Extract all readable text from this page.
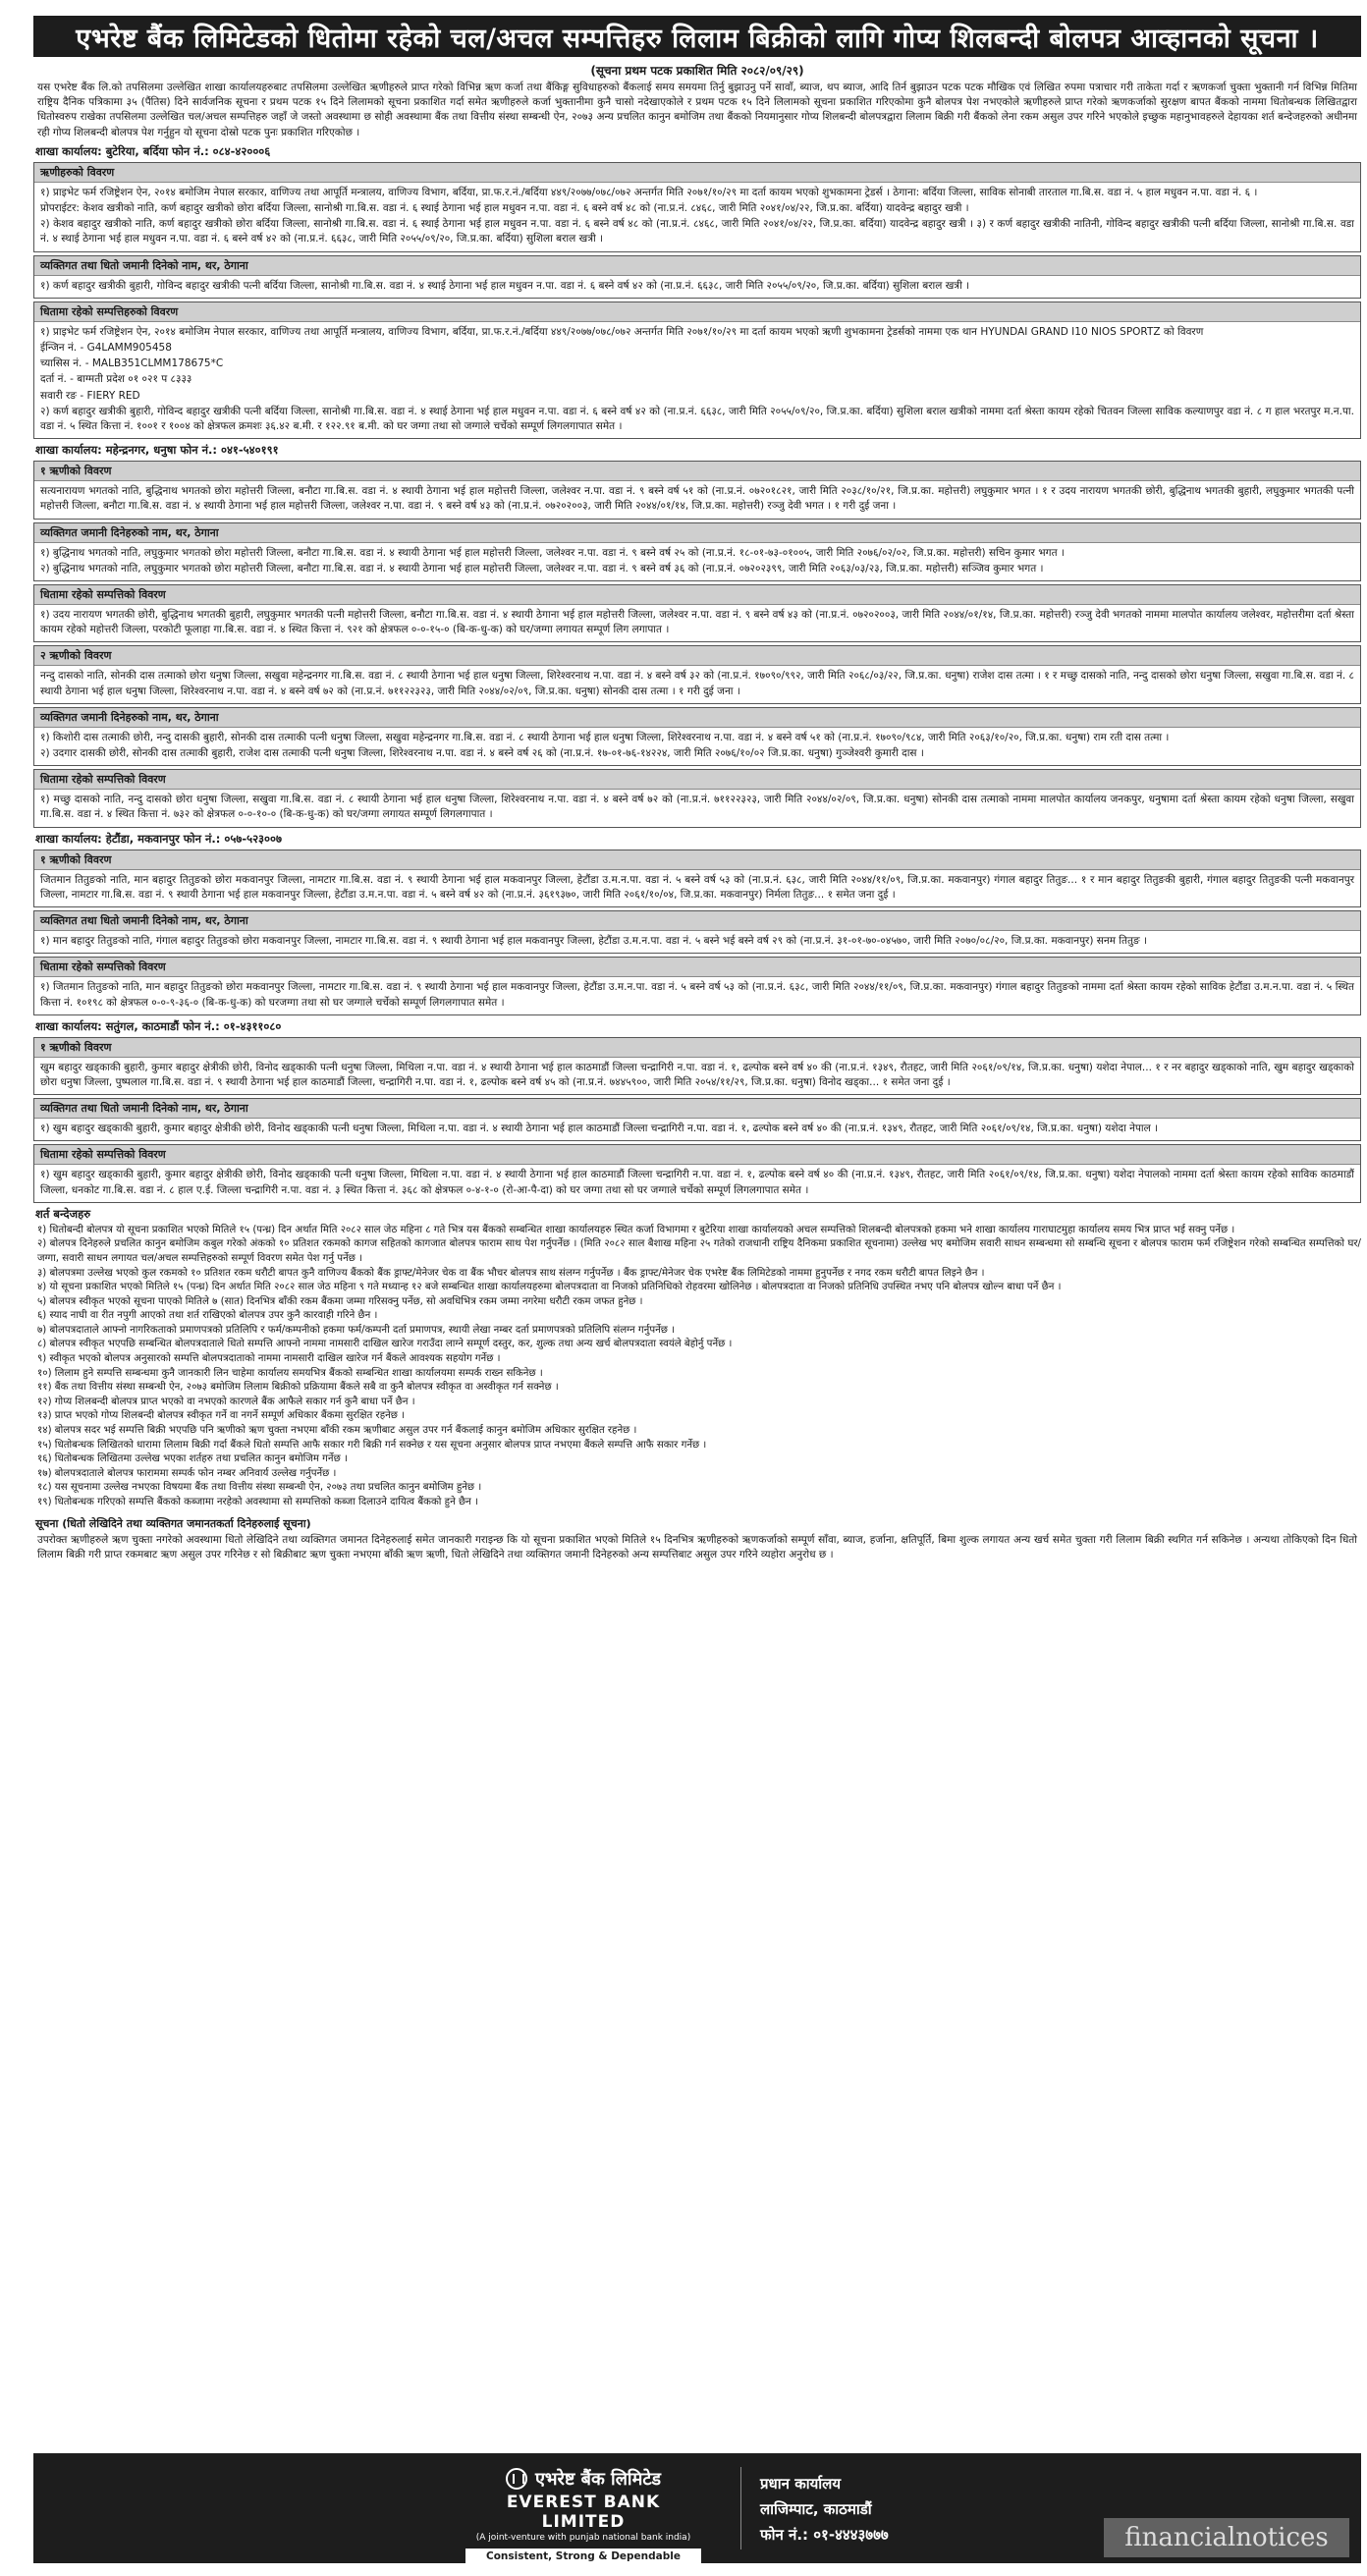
एभरेष्ट बैंक लिमिटेडको धितोमा रहेको चल/अचल सम्पत्तिहरु लिलाम बिक्रीको लागि गोप्य शिलबन्दी बोलपत्र आव्हानको सूचना ।
(सूचना प्रथम पटक प्रकाशित मिति २०८२/०९/२९)
यस एभरेष्ट बैंक लि.को तपसिलमा उल्लेखित शाखा कार्यालयहरुबाट तपसिलमा उल्लेखित ऋणीहरुले प्राप्त गरेको विभिन्न ऋण कर्जा तथा बैंकिङ्ग सुविधाहरुको बैंकलाई समय समयमा तिर्नु बुझाउनु पर्ने सावाँ, ब्याज, थप ब्याज, आदि तिर्न बुझाउन पटक पटक मौखिक एवं लिखित रुपमा पत्राचार गरी ताकेता गर्दा र ऋणकर्जा चुक्ता भुक्तानी गर्न विभिन्न मितिमा राष्ट्रिय दैनिक पत्रिकामा ३५ (पैंतिस) दिने सार्वजनिक सूचना र प्रथम पटक १५ दिने लिलामको सूचना प्रकाशित गर्दा समेत ऋणीहरुले कर्जा भुक्तानीमा कुनै चासो नदेखाएकोले र प्रथम पटक १५ दिने लिलामको सूचना प्रकाशित गरिएकोमा कुनै बोलपत्र पेश नभएकोले ऋणीहरुले प्राप्त गरेको ऋणकर्जाको सुरक्षण बापत बैंकको नाममा धितोबन्धक लिखितद्वारा धितोस्वरुप राखेका तपसिलमा उल्लेखित चल/अचल सम्पत्तिहरु जहाँ जे जस्तो अवस्थामा छ सोही अवस्थामा बैंक तथा वित्तीय संस्था सम्बन्धी ऐन, २०७३ अन्य प्रचलित कानुन बमोजिम तथा बैंकको नियमानुसार गोप्य शिलबन्दी बोलपत्रद्वारा लिलाम बिक्री गरी बैंकको लेना रकम असुल उपर गरिने भएकोले इच्छुक महानुभावहरुले देहायका शर्त बन्देजहरुको अधीनमा रही गोप्य शिलबन्दी बोलपत्र पेश गर्नुहुन यो सूचना दोस्रो पटक पुनः प्रकाशित गरिएकोछ ।
शाखा कार्यालय: बुटेरिया, बर्दिया फोन नं.: ०८४-४२०००६
ऋणीहरुको विवरण

१) प्राइभेट फर्म रजिष्ट्रेशन ऐन, २०१४ बमोजिम नेपाल सरकार, वाणिज्य तथा आपूर्ति मन्त्रालय, वाणिज्य विभाग, बर्दिया, प्रा.फ.र.नं./बर्दिया ४४९/२०७७/०७८/०७२ अन्तर्गत मिति २०७१/१०/२९ मा दर्ता कायम भएको शुभकामना ट्रेडर्स । ठेगाना: बर्दिया जिल्ला, साविक सोनाबी तारताल गा.बि.स. वडा नं. ५ हाल मधुवन न.पा. वडा नं. ६ ।

प्रोपराईटर: केशव खत्रीको नाति, कर्ण बहादुर खत्रीको छोरा बर्दिया जिल्ला, सानोश्री गा.बि.स. वडा नं. ६ स्थाई ठेगाना भई हाल मधुवन न.पा. वडा नं. ६ बस्ने वर्ष ४८ को (ना.प्र.नं. ८४६८, जारी मिति २०४१/०४/२२, जि.प्र.का. बर्दिया) यादवेन्द्र बहादुर खत्री ।

२) केशव बहादुर खत्रीको नाति, कर्ण बहादुर खत्रीको छोरा बर्दिया जिल्ला, सानोश्री गा.बि.स. वडा नं. ६ स्थाई ठेगाना भई हाल मधुवन न.पा. वडा नं. ६ बस्ने वर्ष ४८ को (ना.प्र.नं. ८४६८, जारी मिति २०४१/०४/२२, जि.प्र.का. बर्दिया) यादवेन्द्र बहादुर खत्री । ३) र कर्ण बहादुर खत्रीकी नातिनी, गोविन्द बहादुर खत्रीकी पत्नी बर्दिया जिल्ला, सानोश्री गा.बि.स. वडा नं. ४ स्थाई ठेगाना भई हाल मधुवन न.पा. वडा नं. ६ बस्ने वर्ष ४२ को (ना.प्र.नं. ६६३८, जारी मिति २०५५/०९/२०, जि.प्र.का. बर्दिया) सुशिला बराल खत्री ।

व्यक्तिगत तथा धितो जमानी दिनेको नाम, थर, ठेगाना

१) कर्ण बहादुर खत्रीकी बुहारी, गोविन्द बहादुर खत्रीकी पत्नी बर्दिया जिल्ला, सानोश्री गा.बि.स. वडा नं. ४ स्थाई ठेगाना भई हाल मधुवन न.पा. वडा नं. ६ बस्ने वर्ष ४२ को (ना.प्र.नं. ६६३८, जारी मिति २०५५/०९/२०, जि.प्र.का. बर्दिया) सुशिला बराल खत्री ।

धितामा रहेको सम्पत्तिहरुको विवरण

१) प्राइभेट फर्म रजिष्ट्रेशन ऐन, २०१४ बमोजिम नेपाल सरकार, वाणिज्य तथा आपूर्ति मन्त्रालय, वाणिज्य विभाग, बर्दिया, प्रा.फ.र.नं./बर्दिया ४४९/२०७७/०७८/०७२ अन्तर्गत मिति २०७१/१०/२९ मा दर्ता कायम भएको ऋणी शुभकामना ट्रेडर्सको नाममा एक थान HYUNDAI GRAND I10 NIOS SPORTZ को विवरण

ईन्जिन नं. - G4LAMM905458

च्यासिस नं. - MALB351CLMM178675*C

दर्ता नं. - बाग्मती प्रदेश ०१ ०२१ प ८३३३

सवारी रङ - FIERY RED

२) कर्ण बहादुर खत्रीकी बुहारी, गोविन्द बहादुर खत्रीकी पत्नी बर्दिया जिल्ला, सानोश्री गा.बि.स. वडा नं. ४ स्थाई ठेगाना भई हाल मधुवन न.पा. वडा नं. ६ बस्ने वर्ष ४२ को (ना.प्र.नं. ६६३८, जारी मिति २०५५/०९/२०, जि.प्र.का. बर्दिया) सुशिला बराल खत्रीको नाममा दर्ता श्रेस्ता कायम रहेको चितवन जिल्ला साविक कल्याणपुर वडा नं. ८ ग हाल भरतपुर म.न.पा. वडा नं. ५ स्थित कित्ता नं. १००१ र १००४ को क्षेत्रफल क्रमशः ३६.४२ ब.मी. र १२२.९१ ब.मी. को घर जग्गा तथा सो जग्गाले चर्चेको सम्पूर्ण लिगलगापात समेत ।

शाखा कार्यालय: महेन्द्रनगर, धनुषा फोन नं.: ०४१-५४०१९१
१ ऋणीको विवरण

सत्यनारायण भगतको नाति, बुद्धिनाथ भगतको छोरा महोत्तरी जिल्ला, बनौटा गा.बि.स. वडा नं. ४ स्थायी ठेगाना भई हाल महोत्तरी जिल्ला, जलेश्वर न.पा. वडा नं. ९ बस्ने वर्ष ५१ को (ना.प्र.नं. ०७२०१८२१, जारी मिति २०३८/१०/२१, जि.प्र.का. महोत्तरी) लघुकुमार भगत । १ र उदय नारायण भगतकी छोरी, बुद्धिनाथ भगतकी बुहारी, लघुकुमार भगतकी पत्नी महोत्तरी जिल्ला, बनौटा गा.बि.स. वडा नं. ४ स्थायी ठेगाना भई हाल महोत्तरी जिल्ला, जलेश्वर न.पा. वडा नं. ९ बस्ने वर्ष ४३ को (ना.प्र.नं. ०७२०२००३, जारी मिति २०४४/०१/१४, जि.प्र.का. महोत्तरी) रञ्जु देवी भगत । १ गरी दुई जना ।

व्यक्तिगत जमानी दिनेहरुको नाम, थर, ठेगाना

१) बुद्धिनाथ भगतको नाति, लघुकुमार भगतको छोरा महोत्तरी जिल्ला, बनौटा गा.बि.स. वडा नं. ४ स्थायी ठेगाना भई हाल महोत्तरी जिल्ला, जलेश्वर न.पा. वडा नं. ९ बस्ने वर्ष २५ को (ना.प्र.नं. १८-०१-७३-०१००५, जारी मिति २०७६/०२/०२, जि.प्र.का. महोत्तरी) सचिन कुमार भगत ।

२) बुद्धिनाथ भगतको नाति, लघुकुमार भगतको छोरा महोत्तरी जिल्ला, बनौटा गा.बि.स. वडा नं. ४ स्थायी ठेगाना भई हाल महोत्तरी जिल्ला, जलेश्वर न.पा. वडा नं. ९ बस्ने वर्ष ३६ को (ना.प्र.नं. ०७२०२३९९, जारी मिति २०६३/०३/२३, जि.प्र.का. महोत्तरी) सञ्जिव कुमार भगत ।

धितामा रहेको सम्पत्तिको विवरण

१) उदय नारायण भगतकी छोरी, बुद्धिनाथ भगतकी बुहारी, लघुकुमार भगतकी पत्नी महोत्तरी जिल्ला, बनौटा गा.बि.स. वडा नं. ४ स्थायी ठेगाना भई हाल महोत्तरी जिल्ला, जलेश्वर न.पा. वडा नं. ९ बस्ने वर्ष ४३ को (ना.प्र.नं. ०७२०२००३, जारी मिति २०४४/०१/१४, जि.प्र.का. महोत्तरी) रञ्जु देवी भगतको नाममा मालपोत कार्यालय जलेश्वर, महोत्तरीमा दर्ता श्रेस्ता कायम रहेको महोत्तरी जिल्ला, परकोटी फूलाहा गा.बि.स. वडा नं. ४ स्थित कित्ता नं. ९२१ को क्षेत्रफल ०-०-१५-० (बि-क-धु-क) को घर/जग्गा लगायत सम्पूर्ण लिग लगापात ।

२ ऋणीको विवरण

नन्दु दासको नाति, सोनकी दास तत्माको छोरा धनुषा जिल्ला, सखुवा महेन्द्रनगर गा.बि.स. वडा नं. ८ स्थायी ठेगाना भई हाल धनुषा जिल्ला, शिरेश्वरनाथ न.पा. वडा नं. ४ बस्ने वर्ष ३२ को (ना.प्र.नं. १७०९०/९९२, जारी मिति २०६८/०३/२२, जि.प्र.का. धनुषा) राजेश दास तत्मा । १ र मच्छु दासको नाति, नन्दु दासको छोरा धनुषा जिल्ला, सखुवा गा.बि.स. वडा नं. ८ स्थायी ठेगाना भई हाल धनुषा जिल्ला, शिरेश्वरनाथ न.पा. वडा नं. ४ बस्ने वर्ष ७२ को (ना.प्र.नं. ७११२२३२३, जारी मिति २०४४/०२/०९, जि.प्र.का. धनुषा) सोनकी दास तत्मा । १ गरी दुई जना ।

व्यक्तिगत जमानी दिनेहरुको नाम, थर, ठेगाना

१) किशोरी दास तत्माकी छोरी, नन्दु दासकी बुहारी, सोनकी दास तत्माकी पत्नी धनुषा जिल्ला, सखुवा महेन्द्रनगर गा.बि.स. वडा नं. ८ स्थायी ठेगाना भई हाल धनुषा जिल्ला, शिरेश्वरनाथ न.पा. वडा नं. ४ बस्ने वर्ष ५१ को (ना.प्र.नं. १७०९०/९८४, जारी मिति २०६३/१०/२०, जि.प्र.का. धनुषा) राम रती दास तत्मा ।

२) उदगार दासकी छोरी, सोनकी दास तत्माकी बुहारी, राजेश दास तत्माकी पत्नी धनुषा जिल्ला, शिरेश्वरनाथ न.पा. वडा नं. ४ बस्ने वर्ष २६ को (ना.प्र.नं. १७-०१-७६-१४२२४, जारी मिति २०७६/१०/०२ जि.प्र.का. धनुषा) गुञ्जेश्वरी कुमारी दास ।

धितामा रहेको सम्पत्तिको विवरण

१) मच्छु दासको नाति, नन्दु दासको छोरा धनुषा जिल्ला, सखुवा गा.बि.स. वडा नं. ८ स्थायी ठेगाना भई हाल धनुषा जिल्ला, शिरेश्वरनाथ न.पा. वडा नं. ४ बस्ने वर्ष ७२ को (ना.प्र.नं. ७११२२३२३, जारी मिति २०४४/०२/०९, जि.प्र.का. धनुषा) सोनकी दास तत्माको नाममा मालपोत कार्यालय जनकपुर, धनुषामा दर्ता श्रेस्ता कायम रहेको धनुषा जिल्ला, सखुवा गा.बि.स. वडा नं. ४ स्थित कित्ता नं. ७३२ को क्षेत्रफल ०-०-१०-० (बि-क-धु-क) को घर/जग्गा लगायत सम्पूर्ण लिगलगापात ।

शाखा कार्यालय: हेटौंडा, मकवानपुर फोन नं.: ०५७-५२३००७
१ ऋणीको विवरण

जितमान तितुङको नाति, मान बहादुर तितुङको छोरा मकवानपुर जिल्ला, नामटार गा.बि.स. वडा नं. ९ स्थायी ठेगाना भई हाल मकवानपुर जिल्ला, हेटौंडा उ.म.न.पा. वडा नं. ५ बस्ने वर्ष ५३ को (ना.प्र.नं. ६३८, जारी मिति २०४४/११/०९, जि.प्र.का. मकवानपुर) गंगाल बहादुर तितुङ... १ र मान बहादुर तितुङकी बुहारी, गंगाल बहादुर तितुङकी पत्नी मकवानपुर जिल्ला, नामटार गा.बि.स. वडा नं. ९ स्थायी ठेगाना भई हाल मकवानपुर जिल्ला, हेटौंडा उ.म.न.पा. वडा नं. ५ बस्ने वर्ष ४२ को (ना.प्र.नं. ३६१९३७०, जारी मिति २०६१/१०/०४, जि.प्र.का. मकवानपुर) निर्मला तितुङ... १ समेत जना दुई ।

व्यक्तिगत तथा धितो जमानी दिनेको नाम, थर, ठेगाना

१) मान बहादुर तितुङको नाति, गंगाल बहादुर तितुङको छोरा मकवानपुर जिल्ला, नामटार गा.बि.स. वडा नं. ९ स्थायी ठेगाना भई हाल मकवानपुर जिल्ला, हेटौंडा उ.म.न.पा. वडा नं. ५ बस्ने भई बस्ने वर्ष २९ को (ना.प्र.नं. ३१-०१-७०-०४५७०, जारी मिति २०७०/०८/२०, जि.प्र.का. मकवानपुर) सनम तितुङ ।

धितामा रहेको सम्पत्तिको विवरण

१) जितमान तितुङको नाति, मान बहादुर तितुङको छोरा मकवानपुर जिल्ला, नामटार गा.बि.स. वडा नं. ९ स्थायी ठेगाना भई हाल मकवानपुर जिल्ला, हेटौंडा उ.म.न.पा. वडा नं. ५ बस्ने वर्ष ५३ को (ना.प्र.नं. ६३८, जारी मिति २०४४/११/०९, जि.प्र.का. मकवानपुर) गंगाल बहादुर तितुङको नाममा दर्ता श्रेस्ता कायम रहेको साविक हेटौंडा उ.म.न.पा. वडा नं. ५ स्थित कित्ता नं. १०१९८ को क्षेत्रफल ०-०-९-३६-० (बि-क-धु-क) को घरजग्गा तथा सो घर जग्गाले चर्चेको सम्पूर्ण लिगलगापात समेत ।

शाखा कार्यालय: सतुंगल, काठमाडौं फोन नं.: ०१-४३११०८०
१ ऋणीको विवरण

खुम बहादुर खड्काकी बुहारी, कुमार बहादुर क्षेत्रीकी छोरी, विनोद खड्काकी पत्नी धनुषा जिल्ला, मिथिला न.पा. वडा नं. ४ स्थायी ठेगाना भई हाल काठमाडौं जिल्ला चन्द्रागिरी न.पा. वडा नं. १, ढल्पोक बस्ने वर्ष ४० की (ना.प्र.नं. १३४९, रौतहट, जारी मिति २०६१/०९/१४, जि.प्र.का. धनुषा) यशेदा नेपाल... १ र नर बहादुर खड्काको नाति, खुम बहादुर खड्काको छोरा धनुषा जिल्ला, पुष्पलाल गा.बि.स. वडा नं. ९ स्थायी ठेगाना भई हाल काठमाडौं जिल्ला, चन्द्रागिरी न.पा. वडा नं. १, ढल्पोक बस्ने वर्ष ४५ को (ना.प्र.नं. ७४४५९००, जारी मिति २०५४/११/२९, जि.प्र.का. धनुषा) विनोद खड्का... १ समेत जना दुई ।

व्यक्तिगत तथा धितो जमानी दिनेको नाम, थर, ठेगाना

१) खुम बहादुर खड्काकी बुहारी, कुमार बहादुर क्षेत्रीकी छोरी, विनोद खड्काकी पत्नी धनुषा जिल्ला, मिथिला न.पा. वडा नं. ४ स्थायी ठेगाना भई हाल काठमाडौं जिल्ला चन्द्रागिरी न.पा. वडा नं. १, ढल्पोक बस्ने वर्ष ४० की (ना.प्र.नं. १३४९, रौतहट, जारी मिति २०६१/०९/१४, जि.प्र.का. धनुषा) यशेदा नेपाल ।

धितामा रहेको सम्पत्तिको विवरण

१) खुम बहादुर खड्काकी बुहारी, कुमार बहादुर क्षेत्रीकी छोरी, विनोद खड्काकी पत्नी धनुषा जिल्ला, मिथिला न.पा. वडा नं. ४ स्थायी ठेगाना भई हाल काठमाडौं जिल्ला चन्द्रागिरी न.पा. वडा नं. १, ढल्पोक बस्ने वर्ष ४० की (ना.प्र.नं. १३४९, रौतहट, जारी मिति २०६१/०९/१४, जि.प्र.का. धनुषा) यशेदा नेपालको नाममा दर्ता श्रेस्ता कायम रहेको साविक काठमाडौं जिल्ला, धनकोट गा.बि.स. वडा नं. ८ हाल ए.ई. जिल्ला चन्द्रागिरी न.पा. वडा नं. ३ स्थित कित्ता नं. ३६८ को क्षेत्रफल ०-४-१-० (रो-आ-पै-दा) को घर जग्गा तथा सो घर जग्गाले चर्चेको सम्पूर्ण लिगलगापात समेत ।

शर्त बन्देजहरु
१) धितोबन्दी बोलपत्र यो सूचना प्रकाशित भएको मितिले १५ (पन्ध्र) दिन अर्थात मिति २०८२ साल जेठ महिना ८ गते भित्र यस बैंकको सम्बन्धित शाखा कार्यालयहरु स्थित कर्जा विभागमा र बुटेरिया शाखा कार्यालयको अचल सम्पत्तिको शिलबन्दी बोलपत्रको हकमा भने शाखा कार्यालय गाराघाटमुहा कार्यालय समय भित्र प्राप्त भई सक्नु पर्नेछ ।
२) बोलपत्र दिनेहरुले प्रचलित कानुन बमोजिम कबुल गरेको अंकको १० प्रतिशत रकमको कागज सहितको कागजात बोलपत्र फाराम साथ पेश गर्नुपर्नेछ । (मिति २०८२ साल बैशाख महिना २५ गतेको राजधानी राष्ट्रिय दैनिकमा प्रकाशित सूचनामा) उल्लेख भए बमोजिम सवारी साधन सम्बन्धमा सो सम्बन्धि सूचना र बोलपत्र फाराम फर्म रजिष्ट्रेशन गरेको सम्बन्धित सम्पत्तिको घर/जग्गा, सवारी साधन लगायत चल/अचल सम्पत्तिहरुको सम्पूर्ण विवरण समेत पेश गर्नु पर्नेछ ।
३) बोलपत्रमा उल्लेख भएको कुल रकमको १० प्रतिशत रकम धरौटी बापत कुनै वाणिज्य बैंकको बैंक ड्राफ्ट/मेनेजर चेक वा बैंक भौचर बोलपत्र साथ संलग्न गर्नुपर्नेछ । बैंक ड्राफ्ट/मेनेजर चेक एभरेष्ट बैंक लिमिटेडको नाममा हुनुपर्नेछ र नगद रकम धरौटी बापत लिइने छैन ।
४) यो सूचना प्रकाशित भएको मितिले १५ (पन्ध्र) दिन अर्थात मिति २०८२ साल जेठ महिना ९ गते मध्यान्ह १२ बजे सम्बन्धित शाखा कार्यालयहरुमा बोलपत्रदाता वा निजको प्रतिनिधिको रोहवरमा खोलिनेछ । बोलपत्रदाता वा निजको प्रतिनिधि उपस्थित नभए पनि बोलपत्र खोल्न बाधा पर्ने छैन ।
५) बोलपत्र स्वीकृत भएको सूचना पाएको मितिले ७ (सात) दिनभित्र बाँकी रकम बैंकमा जम्मा गरिसक्नु पर्नेछ, सो अवधिभित्र रकम जम्मा नगरेमा धरौटी रकम जफत हुनेछ ।
६) स्याद नाघी वा रीत नपुगी आएको तथा शर्त राखिएको बोलपत्र उपर कुनै कारवाही गरिने छैन ।
७) बोलपत्रदाताले आफ्नो नागरिकताको प्रमाणपत्रको प्रतिलिपि र फर्म/कम्पनीको हकमा फर्म/कम्पनी दर्ता प्रमाणपत्र, स्थायी लेखा नम्बर दर्ता प्रमाणपत्रको प्रतिलिपि संलग्न गर्नुपर्नेछ ।
८) बोलपत्र स्वीकृत भएपछि सम्बन्धित बोलपत्रदाताले धितो सम्पत्ति आफ्नो नाममा नामसारी दाखिल खारेज गराउँदा लाग्ने सम्पूर्ण दस्तुर, कर, शुल्क तथा अन्य खर्च बोलपत्रदाता स्वयंले बेहोर्नु पर्नेछ ।
९) स्वीकृत भएको बोलपत्र अनुसारको सम्पत्ति बोलपत्रदाताको नाममा नामसारी दाखिल खारेज गर्न बैंकले आवश्यक सहयोग गर्नेछ ।
१०) लिलाम हुने सम्पत्ति सम्बन्धमा कुनै जानकारी लिन चाहेमा कार्यालय समयभित्र बैंकको सम्बन्धित शाखा कार्यालयमा सम्पर्क राख्न सकिनेछ ।
११) बैंक तथा वित्तीय संस्था सम्बन्धी ऐन, २०७३ बमोजिम लिलाम बिक्रीको प्रक्रियामा बैंकले सबै वा कुनै बोलपत्र स्वीकृत वा अस्वीकृत गर्न सक्नेछ ।
१२) गोप्य शिलबन्दी बोलपत्र प्राप्त भएको वा नभएको कारणले बैंक आफैले सकार गर्न कुनै बाधा पर्ने छैन ।
१३) प्राप्त भएको गोप्य शिलबन्दी बोलपत्र स्वीकृत गर्ने वा नगर्ने सम्पूर्ण अधिकार बैंकमा सुरक्षित रहनेछ ।
१४) बोलपत्र सदर भई सम्पत्ति बिक्री भएपछि पनि ऋणीको ऋण चुक्ता नभएमा बाँकी रकम ऋणीबाट असुल उपर गर्न बैंकलाई कानुन बमोजिम अधिकार सुरक्षित रहनेछ ।
१५) धितोबन्धक लिखितको धारामा लिलाम बिक्री गर्दा बैंकले धितो सम्पत्ति आफै सकार गरी बिक्री गर्न सक्नेछ र यस सूचना अनुसार बोलपत्र प्राप्त नभएमा बैंकले सम्पत्ति आफै सकार गर्नेछ ।
१६) धितोबन्धक लिखितमा उल्लेख भएका शर्तहरु तथा प्रचलित कानुन बमोजिम गर्नेछ ।
१७) बोलपत्रदाताले बोलपत्र फाराममा सम्पर्क फोन नम्बर अनिवार्य उल्लेख गर्नुपर्नेछ ।
१८) यस सूचनामा उल्लेख नभएका विषयमा बैंक तथा वित्तीय संस्था सम्बन्धी ऐन, २०७३ तथा प्रचलित कानुन बमोजिम हुनेछ ।
१९) धितोबन्धक गरिएको सम्पत्ति बैंकको कब्जामा नरहेको अवस्थामा सो सम्पत्तिको कब्जा दिलाउने दायित्व बैंकको हुने छैन ।
सूचना (धितो लेखिदिने तथा व्यक्तिगत जमानतकर्ता दिनेहरुलाई सूचना)
उपरोक्त ऋणीहरुले ऋण चुक्ता नगरेको अवस्थामा धितो लेखिदिने तथा व्यक्तिगत जमानत दिनेहरुलाई समेत जानकारी गराइन्छ कि यो सूचना प्रकाशित भएको मितिले १५ दिनभित्र ऋणीहरुको ऋणकर्जाको सम्पूर्ण साँवा, ब्याज, हर्जाना, क्षतिपूर्ति, बिमा शुल्क लगायत अन्य खर्च समेत चुक्ता गरी लिलाम बिक्री स्थगित गर्न सकिनेछ । अन्यथा तोकिएको दिन धितो लिलाम बिक्री गरी प्राप्त रकमबाट ऋण असुल उपर गरिनेछ र सो बिक्रीबाट ऋण चुक्ता नभएमा बाँकी ऋण ऋणी, धितो लेखिदिने तथा व्यक्तिगत जमानी दिनेहरुको अन्य सम्पत्तिबाट असुल उपर गरिने व्यहोरा अनुरोध छ ।
एभरेष्ट बैंक लिमिटेड
EVEREST BANK LIMITED
(A joint-venture with punjab national bank india)
Consistent, Strong & Dependable
प्रधान कार्यालय
लाजिम्पाट, काठमाडौं
फोन नं.: ०१-४४४३७७७	financialnotices
